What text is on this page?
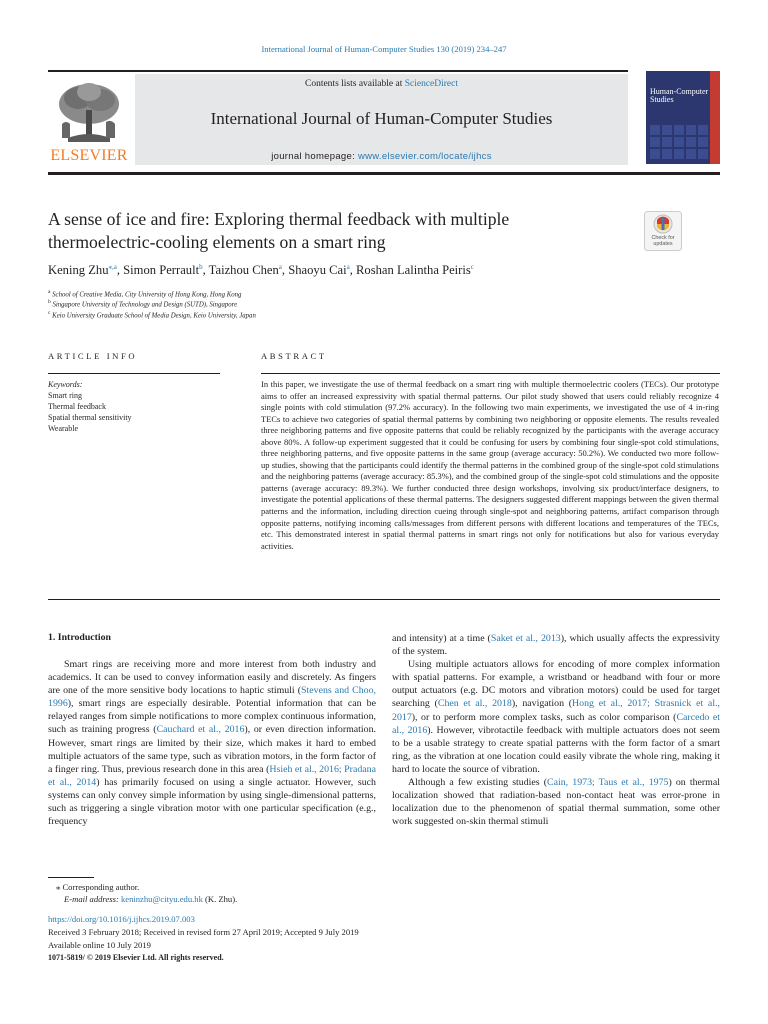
International Journal of Human-Computer Studies 130 (2019) 234–247
ELSEVIER
Contents lists available at ScienceDirect
International Journal of Human-Computer Studies
journal homepage: www.elsevier.com/locate/ijhcs
Human-Computer Studies
A sense of ice and fire: Exploring thermal feedback with multiple thermoelectric-cooling elements on a smart ring	Check for updates
Kening Zhu$^{⁎,a}$, Simon Perrault$^b$, Taizhou Chen$^a$, Shaoyu Cai$^a$, Roshan Lalintha Peiris$^c$
$^a$ School of Creative Media, City University of Hong Kong, Hong Kong
$^b$ Singapore University of Technology and Design (SUTD), Singapore
$^c$ Keio University Graduate School of Media Design, Keio University, Japan
ARTICLE INFO
Keywords:
Smart ring
Thermal feedback
Spatial thermal sensitivity
Wearable
ABSTRACT
In this paper, we investigate the use of thermal feedback on a smart ring with multiple thermoelectric coolers (TECs). Our prototype aims to offer an increased expressivity with spatial thermal patterns. Our pilot study showed that users could reliably recognize 4 single points with cold stimulation (97.2% accuracy). In the following two main experiments, we investigated the use of 4 in-ring TECs to achieve two categories of spatial thermal patterns by combining two neighboring or opposite elements. The results revealed three neighboring patterns and five opposite patterns that could be reliably recognized by the participants with the average accuracy above 80%. A follow-up experiment suggested that it could be confusing for users by combining four single-spot cold stimulations, three neighboring patterns, and five opposite patterns in the same group (average accuracy: 50.2%). We conducted two more follow-up studies, showing that the participants could identify the thermal patterns in the combined group of the single-spot cold stimulations and the neighboring patterns (average accuracy: 85.3%), and the combined group of the single-spot cold stimulations and the opposite patterns (average accuracy: 89.3%). We further conducted three design workshops, involving six product/interface designers, to investigate the potential applications of these thermal patterns. The designers suggested different mappings between the given thermal patterns and the information, including direction cueing through single-spot and neighboring patterns, artifact comparison through opposite patterns, notifying incoming calls/messages from different persons with different locations and temperatures of the TECs, etc. This demonstrated interest in spatial thermal patterns in smart rings not only for notifications but also for various everyday activities.
1. Introduction

Smart rings are receiving more and more interest from both industry and academics. It can be used to convey information easily and discretely. As fingers are one of the more sensitive body locations to haptic stimuli (Stevens and Choo, 1996), smart rings are especially desirable. Potential information that can be relayed ranges from simple notifications to more complex continuous information, such as training progress (Cauchard et al., 2016), or even direction information. However, smart rings are limited by their size, which makes it hard to embed multiple actuators of the same type, such as vibration motors, in the form factor of a finger ring. Thus, previous research done in this area (Hsieh et al., 2016; Pradana et al., 2014) has primarily focused on using a single actuator. However, such systems can only convey simple information by using single-dimensional patterns, such as triggering a single vibration motor with one particular specification (e.g., frequency

and intensity) at a time (Saket et al., 2013), which usually affects the expressivity of the system.

Using multiple actuators allows for encoding of more complex information with spatial patterns. For example, a wristband or headband with four or more output actuators (e.g. DC motors and vibration motors) could be used for target searching (Chen et al., 2018), navigation (Hong et al., 2017; Strasnick et al., 2017), or to perform more complex tasks, such as color comparison (Carcedo et al., 2016). However, vibrotactile feedback with multiple actuators does not seem to be a usable strategy to create spatial patterns with the form factor of a smart ring, as the vibration at one location could easily vibrate the whole ring, making it hard to locate the source of vibration.

Although a few existing studies (Cain, 1973; Taus et al., 1975) on thermal localization showed that radiation-based non-contact heat was error-prone in localization due to the phenomenon of spatial thermal summation, some other work suggested on-skin thermal stimuli

⁎ Corresponding author.
E-mail address: keninzhu@cityu.edu.hk (K. Zhu).
https://doi.org/10.1016/j.ijhcs.2019.07.003
Received 3 February 2018; Received in revised form 27 April 2019; Accepted 9 July 2019
Available online 10 July 2019
1071-5819/ © 2019 Elsevier Ltd. All rights reserved.
